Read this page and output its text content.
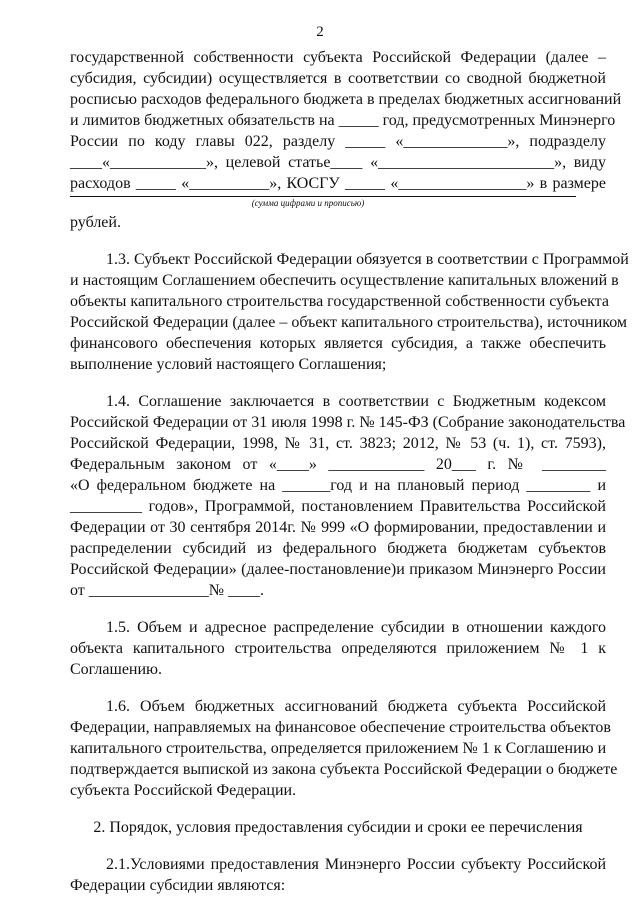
2
государственной собственности субъекта Российской Федерации (далее –
субсидия, субсидии) осуществляется в соответствии со сводной бюджетной
росписью расходов федерального бюджета в пределах бюджетных ассигнований
и лимитов бюджетных обязательств на _____ год, предусмотренных Минэнерго
России по коду главы 022, разделу _____ «_____________», подразделу
____«____________», целевой статье____ «______________________», виду
расходов _____ «__________», КОСГУ _____ «________________» в размере
(сумма цифрами и прописью)
рублей.
1.3. Субъект Российской Федерации обязуется в соответствии с Программой
и настоящим Соглашением обеспечить осуществление капитальных вложений в
объекты капитального строительства государственной собственности субъекта
Российской Федерации (далее – объект капитального строительства), источником
финансового обеспечения которых является субсидия, а также обеспечить
выполнение условий настоящего Соглашения;
1.4. Соглашение заключается в соответствии с Бюджетным кодексом
Российской Федерации от 31 июля 1998 г. № 145-ФЗ (Собрание законодательства
Российской Федерации, 1998, № 31, ст. 3823; 2012, № 53 (ч. 1), ст. 7593),
Федеральным законом от «____» ____________ 20___ г. № ________
«О федеральном бюджете на ______год и на плановый период ________ и
_________ годов», Программой, постановлением Правительства Российской
Федерации от 30 сентября 2014г. № 999 «О формировании, предоставлении и
распределении субсидий из федерального бюджета бюджетам субъектов
Российской Федерации» (далее-постановление)и приказом Минэнерго России
от _______________№ ____.
1.5. Объем и адресное распределение субсидии в отношении каждого
объекта капитального строительства определяются приложением № 1 к
Соглашению.
1.6. Объем бюджетных ассигнований бюджета субъекта Российской
Федерации, направляемых на финансовое обеспечение строительства объектов
капитального строительства, определяется приложением № 1 к Соглашению и
подтверждается выпиской из закона субъекта Российской Федерации о бюджете
субъекта Российской Федерации.
2. Порядок, условия предоставления субсидии и сроки ее перечисления
2.1.Условиями предоставления Минэнерго России субъекту Российской
Федерации субсидии являются:
